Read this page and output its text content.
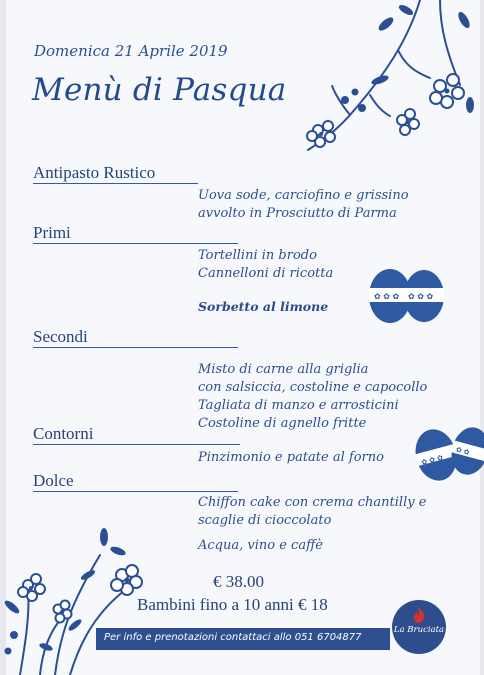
✿ ✿ ✿ ✿ ✿ ✿
✿ ✿ ✿
✿ ✿
Domenica 21 Aprile 2019
Menù di Pasqua
Antipasto Rustico
Uova sode, carciofino e grissino
avvolto in Prosciutto di Parma
Primi
Tortellini in brodo
Cannelloni di ricotta
Sorbetto al limone
Secondi
Misto di carne alla griglia
con salsiccia, costoline e capocollo
Tagliata di manzo e arrosticini
Costoline di agnello fritte
Contorni
Pinzimonio e patate al forno
Dolce
Chiffon cake con crema chantilly e
scaglie di cioccolato
Acqua, vino e caffè
€ 38.00
Bambini fino a 10 anni € 18
Per info e prenotazioni contattaci allo 051 6704877
La Bruciata
